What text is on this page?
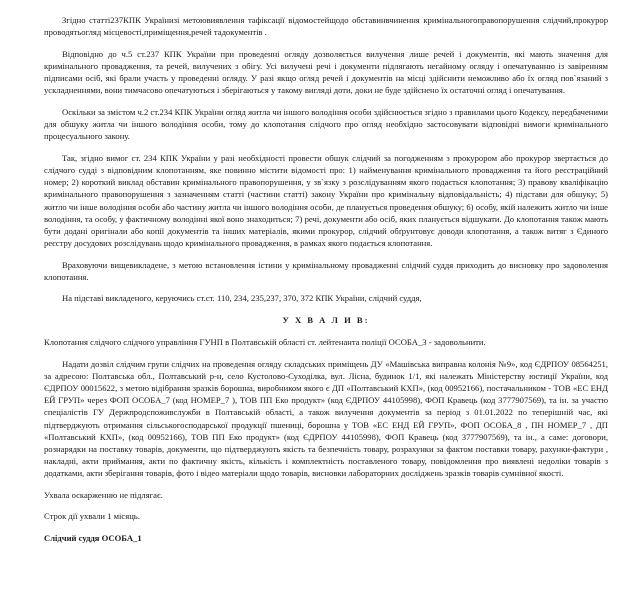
Згідно статті237КПК Українизі метоювиявлення тафіксації відомостейщодо обставинвчинення кримінальногоправопорушення слідчий,прокурор проводятьогляд місцевості,приміщення,речей тадокументів .

Відповідно до ч.5 ст.237 КПК України при проведенні огляду дозволяється вилучення лише речей і документів, які мають значення для кримінального провадження, та речей, вилучених з обігу. Усі вилучені речі і документи підлягають негайному огляду і опечатуванню із завіренням підписами осіб, які брали участь у проведенні огляду. У разі якщо огляд речей і документів на місці здійснити неможливо або їх огляд пов`язаний з ускладненнями, вони тимчасово опечатуються і зберігаються у такому вигляді доти, доки не буде здійснено їх остаточні огляд і опечатування.

Оскільки за змістом ч.2 ст.234 КПК України огляд житла чи іншого володіння особи здійснюється згідно з правилами цього Кодексу, передбаченими для обшуку житла чи іншого володіння особи, тому до клопотання слідчого про огляд необхідно застосовувати відповідні вимоги кримінального процесуального закону.

Так, згідно вимог ст. 234 КПК України у разі необхідності провести обшук слідчий за погодженням з прокурором або прокурор звертається до слідчого судді з відповідним клопотанням, яке повинно містити відомості про: 1) найменування кримінального провадження та його реєстраційний номер; 2) короткий виклад обставин кримінального правопорушення, у зв`язку з розслідуванням якого подається клопотання; 3) правову кваліфікацію кримінального правопорушення з зазначенням статті (частини статті) закону України про кримінальну відповідальність; 4) підстави для обшуку; 5) житло чи інше володіння особи або частину житла чи іншого володіння особи, де планується проведення обшуку; 6) особу, якій належить житло чи інше володіння, та особу, у фактичному володінні якої воно знаходиться; 7) речі, документи або осіб, яких планується відшукати. До клопотання також мають бути додані оригінали або копії документів та інших матеріалів, якими прокурор, слідчий обґрунтовує доводи клопотання, а також витяг з Єдиного реєстру досудових розслідувань щодо кримінального провадження, в рамках якого подається клопотання.

Враховуючи вищевикладене, з метою встановлення істини у кримінальному провадженні слідчий суддя приходить до висновку про задоволення клопотання.

На підставі викладеного, керуючись ст.ст. 110, 234, 235,237, 370, 372 КПК України, слідчий суддя,

У Х В А Л И В:

Клопотання слідчого слідчого управління ГУНП в Полтавській області ст. лейтенанта поліції ОСОБА_3 - задовольнити.

Надати дозвіл слідчим групи слідчих на проведення огляду складських приміщень ДУ «Машівська виправна колонія №9», код ЄДРПОУ 08564251, за адресою: Полтавська обл., Полтавський р-н, село Кустолово-Суходілка, вул. Лісна, будинок 1/1, які належать Міністерству юстиції України, код ЄДРПОУ 00015622, з метою відібрання зразків борошна, виробником якого є ДП «Полтавський КХП», (код 00952166), постачальником - ТОВ «ЕС ЕНД ЕЙ ГРУП» через ФОП ОСОБА_7 (код НОМЕР_7 ), ТОВ ПП Еко продукт» (код ЄДРПОУ 44105998), ФОП Кравець (код 3777907569), та ін. за участю спеціалістів ГУ Держпродспоживслужби в Полтавській області, а також вилучення документів за період з 01.01.2022 по теперішній час, які підтверджують отримання сільськогосподарської продукції пшениці, борошна у ТОВ «ЕС ЕНД ЕЙ ГРУП», ФОП ОСОБА_8 , ПН НОМЕР_7 , ДП «Полтавський КХП», (код 00952166), ТОВ ПП Еко продукт» (код ЄДРПОУ 44105998), ФОП Кравець (код 3777907569), та ін., а саме: договори, рознарядки на поставку товарів, документи, що підтверджують якість та безпечність товару, розрахунки за фактом поставки товару, рахунки-фактури , накладні, акти приймання, акти по фактичну якість, кількість і комплектність поставленого товару, повідомлення про виявлені недоліки товарів з додатками, акти зберігання товарів, фото і відео матеріали щодо товарів, висновки лабораторних досліджень зразків товарів сумнівної якості.

Ухвала оскарженню не підлягає.

Строк дії ухвали 1 місяць.

Слідчий суддя ОСОБА_1
